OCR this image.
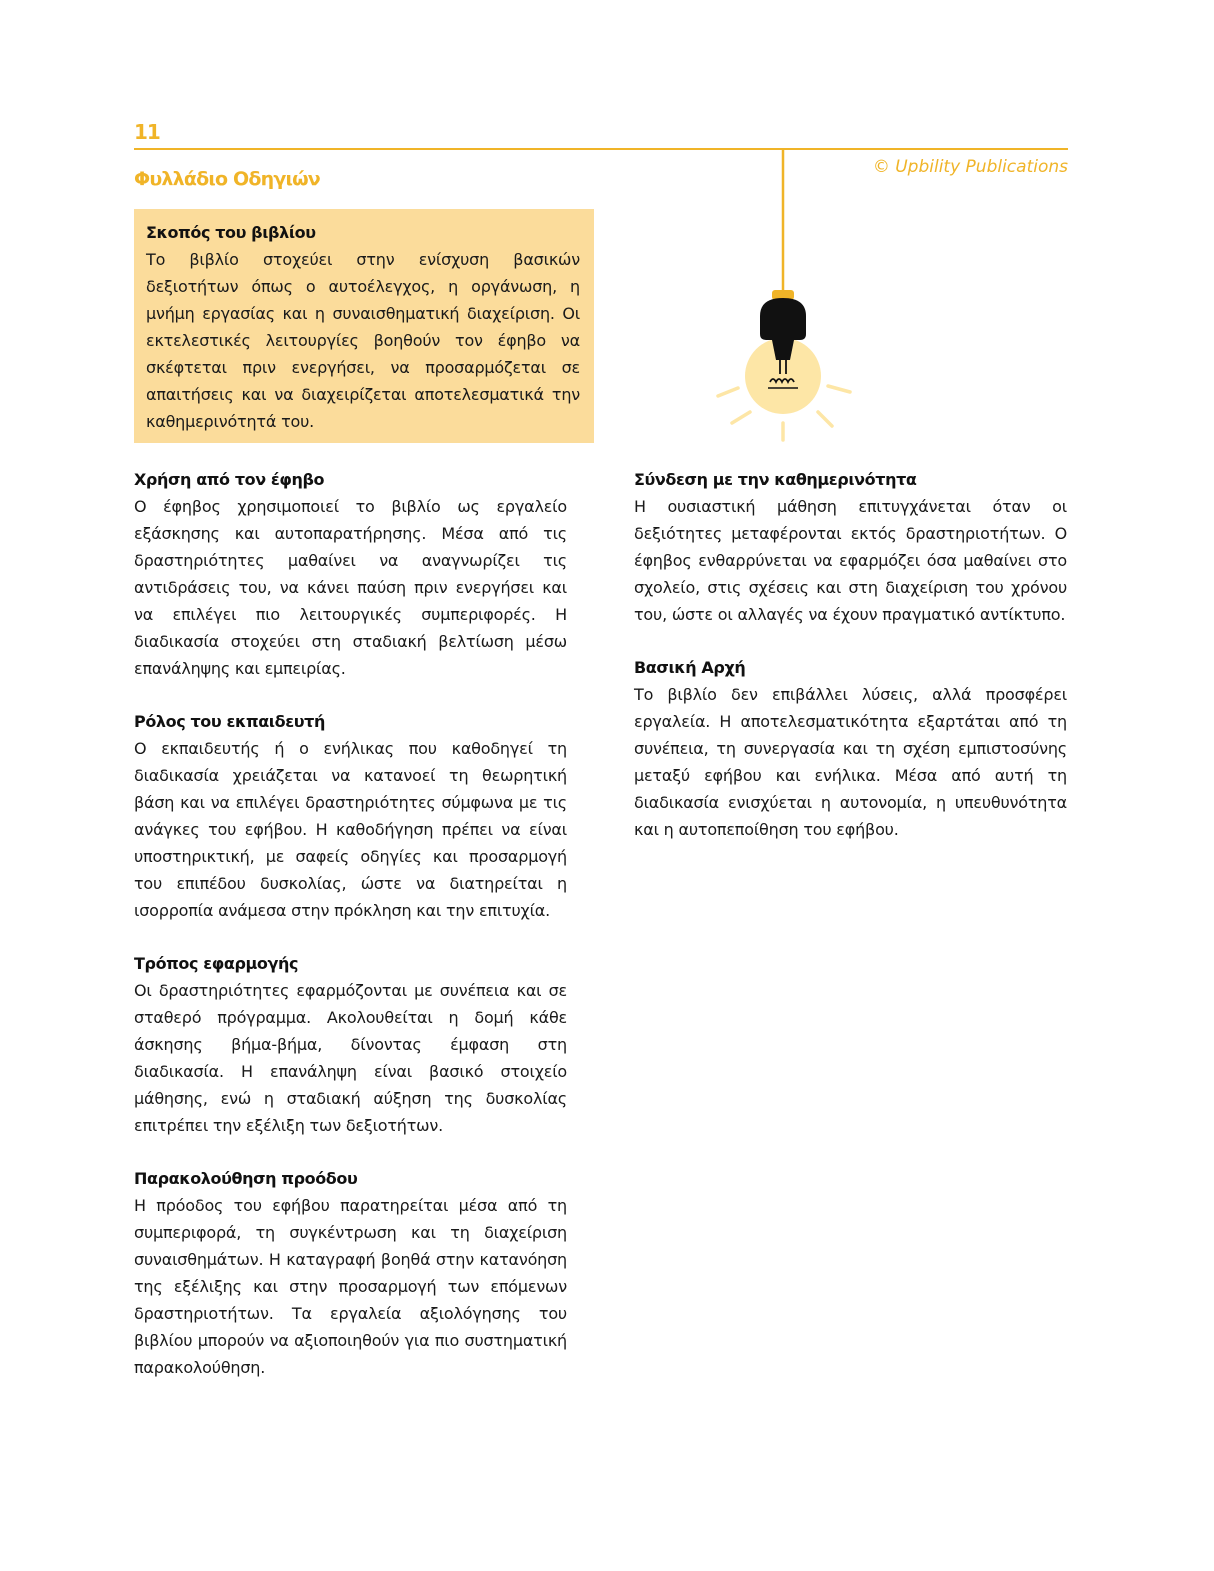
11
© Upbility Publications
Φυλλάδιο Οδηγιών
Σκοπός του βιβλίου
Το βιβλίο στοχεύει στην ενίσχυση βασικών δεξιοτήτων όπως ο αυτοέλεγχος, η οργάνωση, η μνήμη εργασίας και η συναισθηματική διαχείριση. Οι εκτελεστικές λειτουργίες βοηθούν τον έφηβο να σκέφτεται πριν ενεργήσει, να προσαρμόζεται σε απαιτήσεις και να διαχειρίζεται αποτελεσματικά την καθημερινότητά του.
Χρήση από τον έφηβο
Ο έφηβος χρησιμοποιεί το βιβλίο ως εργαλείο εξάσκησης και αυτοπαρατήρησης. Μέσα από τις δραστηριότητες μαθαίνει να αναγνωρίζει τις αντιδράσεις του, να κάνει παύση πριν ενεργήσει και να επιλέγει πιο λειτουργικές συμπεριφορές. Η διαδικασία στοχεύει στη σταδιακή βελτίωση μέσω επανάληψης και εμπειρίας.
Ρόλος του εκπαιδευτή
Ο εκπαιδευτής ή ο ενήλικας που καθοδηγεί τη διαδικασία χρειάζεται να κατανοεί τη θεωρητική βάση και να επιλέγει δραστηριότητες σύμφωνα με τις ανάγκες του εφήβου. Η καθοδήγηση πρέπει να είναι υποστηρικτική, με σαφείς οδηγίες και προσαρμογή του επιπέδου δυσκολίας, ώστε να διατηρείται η ισορροπία ανάμεσα στην πρόκληση και την επιτυχία.
Τρόπος εφαρμογής
Οι δραστηριότητες εφαρμόζονται με συνέπεια και σε σταθερό πρόγραμμα. Ακολουθείται η δομή κάθε άσκησης βήμα-βήμα, δίνοντας έμφαση στη διαδικασία. Η επανάληψη είναι βασικό στοιχείο μάθησης, ενώ η σταδιακή αύξηση της δυσκολίας επιτρέπει την εξέλιξη των δεξιοτήτων.
Παρακολούθηση προόδου
Η πρόοδος του εφήβου παρατηρείται μέσα από τη συμπεριφορά, τη συγκέντρωση και τη διαχείριση συναισθημάτων. Η καταγραφή βοηθά στην κατανόηση της εξέλιξης και στην προσαρμογή των επόμενων δραστηριοτήτων. Τα εργαλεία αξιολόγησης του βιβλίου μπορούν να αξιοποιηθούν για πιο συστηματική παρακολούθηση.
Σύνδεση με την καθημερινότητα
Η ουσιαστική μάθηση επιτυγχάνεται όταν οι δεξιότητες μεταφέρονται εκτός δραστηριοτήτων. Ο έφηβος ενθαρρύνεται να εφαρμόζει όσα μαθαίνει στο σχολείο, στις σχέσεις και στη διαχείριση του χρόνου του, ώστε οι αλλαγές να έχουν πραγματικό αντίκτυπο.
Βασική Αρχή
Το βιβλίο δεν επιβάλλει λύσεις, αλλά προσφέρει εργαλεία. Η αποτελεσματικότητα εξαρτάται από τη συνέπεια, τη συνεργασία και τη σχέση εμπιστοσύνης μεταξύ εφήβου και ενήλικα. Μέσα από αυτή τη διαδικασία ενισχύεται η αυτονομία, η υπευθυνότητα και η αυτοπεποίθηση του εφήβου.
